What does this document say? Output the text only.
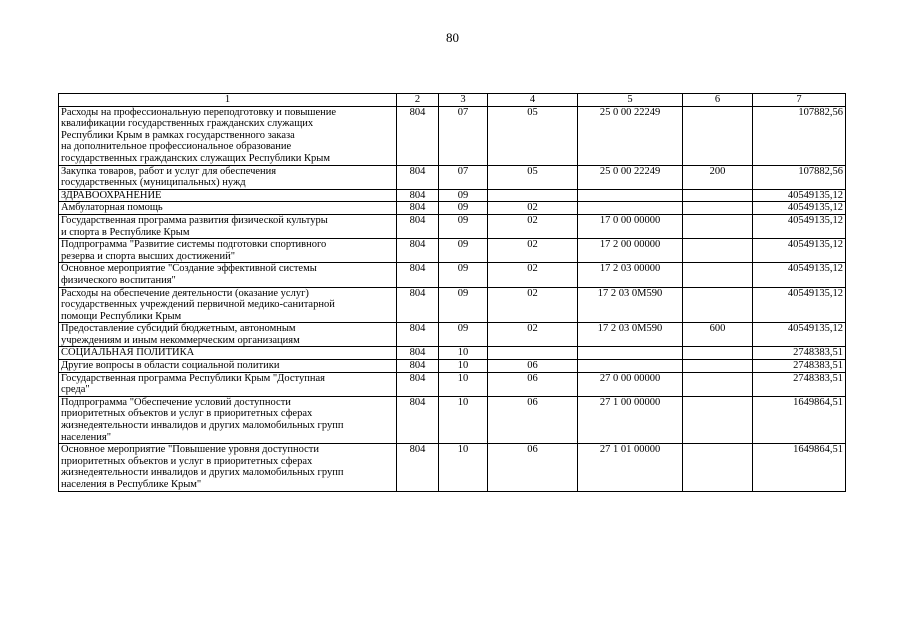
80
1	2	3	4	5	6	7

Расходы на профессиональную переподготовку и повышение
квалификации государственных гражданских служащих
Республики Крым в рамках государственного заказа
на дополнительное профессиональное образование
государственных гражданских служащих Республики Крым	804	07	05	25 0 00 22249		107882,56

Закупка товаров, работ и услуг для обеспечения
государственных (муниципальных) нужд	804	07	05	25 0 00 22249	200	107882,56

ЗДРАВООХРАНЕНИЕ	804	09				40549135,12

Амбулаторная помощь	804	09	02			40549135,12

Государственная программа развития физической культуры
и спорта в Республике Крым	804	09	02	17 0 00 00000		40549135,12

Подпрограмма "Развитие системы подготовки спортивного
резерва и спорта высших достижений"	804	09	02	17 2 00 00000		40549135,12

Основное мероприятие "Создание эффективной системы
физического воспитания"	804	09	02	17 2 03 00000		40549135,12

Расходы на обеспечение деятельности (оказание услуг)
государственных учреждений первичной медико-санитарной
помощи Республики Крым	804	09	02	17 2 03 0М590		40549135,12

Предоставление субсидий бюджетным, автономным
учреждениям и иным некоммерческим организациям	804	09	02	17 2 03 0М590	600	40549135,12

СОЦИАЛЬНАЯ ПОЛИТИКА	804	10				2748383,51

Другие вопросы в области социальной политики	804	10	06			2748383,51

Государственная программа Республики Крым "Доступная
среда"	804	10	06	27 0 00 00000		2748383,51

Подпрограмма "Обеспечение условий доступности
приоритетных объектов и услуг в приоритетных сферах
жизнедеятельности инвалидов и других маломобильных групп
населения"	804	10	06	27 1 00 00000		1649864,51

Основное мероприятие "Повышение уровня доступности
приоритетных объектов и услуг в приоритетных сферах
жизнедеятельности инвалидов и других маломобильных групп
населения в Республике Крым"	804	10	06	27 1 01 00000		1649864,51
